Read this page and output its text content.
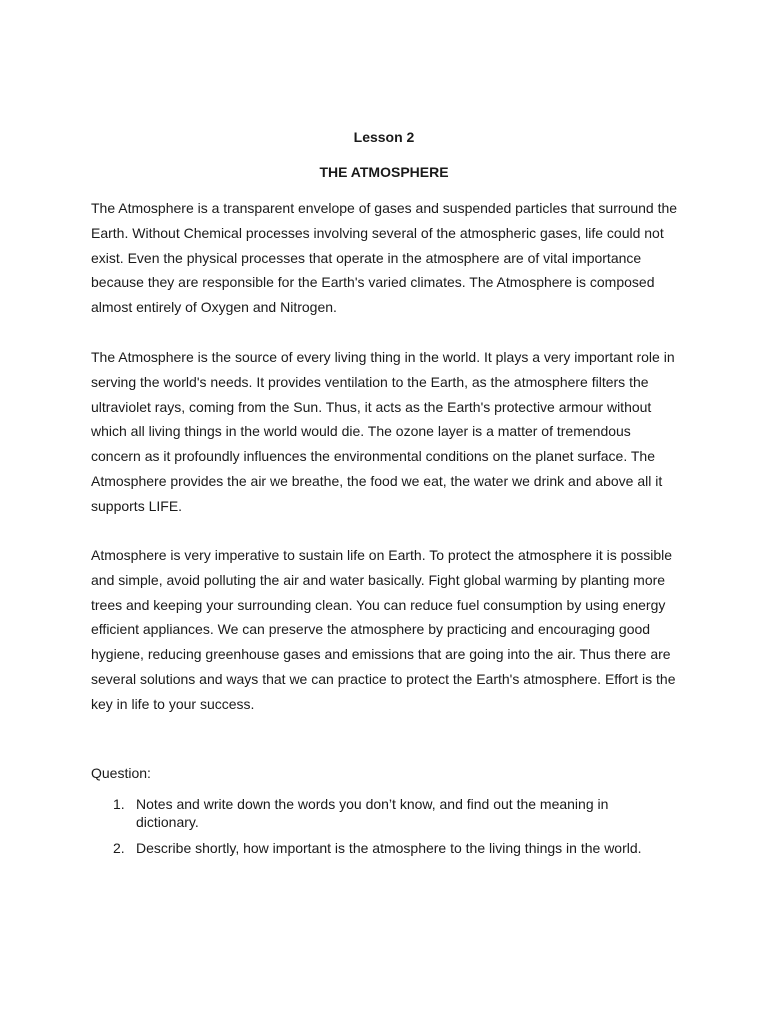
Lesson 2
THE ATMOSPHERE

The Atmosphere is a transparent envelope of gases and suspended particles that surround the Earth. Without Chemical processes involving several of the atmospheric gases, life could not exist. Even the physical processes that operate in the atmosphere are of vital importance because they are responsible for the Earth's varied climates. The Atmosphere is composed almost entirely of Oxygen and Nitrogen.

The Atmosphere is the source of every living thing in the world. It plays a very important role in serving the world's needs. It provides ventilation to the Earth, as the atmosphere filters the ultraviolet rays, coming from the Sun. Thus, it acts as the Earth's protective armour without which all living things in the world would die. The ozone layer is a matter of tremendous concern as it profoundly influences the environmental conditions on the planet surface. The Atmosphere provides the air we breathe, the food we eat, the water we drink and above all it supports LIFE.

Atmosphere is very imperative to sustain life on Earth. To protect the atmosphere it is possible and simple, avoid polluting the air and water basically. Fight global warming by planting more trees and keeping your surrounding clean. You can reduce fuel consumption by using energy efficient appliances. We can preserve the atmosphere by practicing and encouraging good hygiene, reducing greenhouse gases and emissions that are going into the air. Thus there are several solutions and ways that we can practice to protect the Earth's atmosphere. Effort is the key in life to your success.

Question:
1. Notes and write down the words you don’t know, and find out the meaning in dictionary.
2. Describe shortly, how important is the atmosphere to the living things in the world.
